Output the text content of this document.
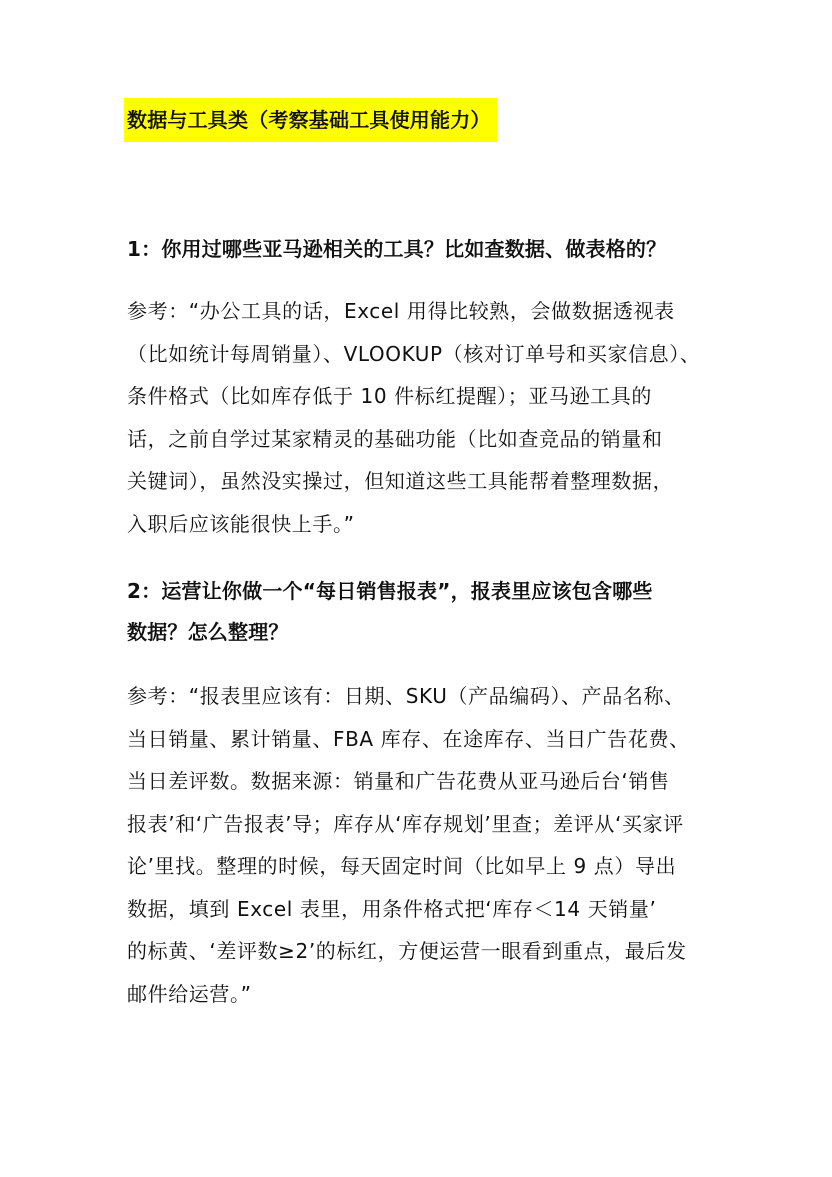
数据与工具类（考察基础工具使用能力）
1：你用过哪些亚马逊相关的工具？比如查数据、做表格的？

参考：“办公工具的话，Excel 用得比较熟，会做数据透视表
（比如统计每周销量）、VLOOKUP（核对订单号和买家信息）、
条件格式（比如库存低于 10 件标红提醒）；亚马逊工具的
话，之前自学过某家精灵的基础功能（比如查竞品的销量和
关键词），虽然没实操过，但知道这些工具能帮着整理数据，
入职后应该能很快上手。”

2：运营让你做一个“每日销售报表”，报表里应该包含哪些
数据？怎么整理？

参考：“报表里应该有：日期、SKU（产品编码）、产品名称、
当日销量、累计销量、FBA 库存、在途库存、当日广告花费、
当日差评数。数据来源：销量和广告花费从亚马逊后台‘销售
报表’和‘广告报表’导；库存从‘库存规划’里查；差评从‘买家评
论’里找。整理的时候，每天固定时间（比如早上 9 点）导出
数据，填到 Excel 表里，用条件格式把‘库存＜14 天销量’
的标黄、‘差评数≥2’的标红，方便运营一眼看到重点，最后发
邮件给运营。”
